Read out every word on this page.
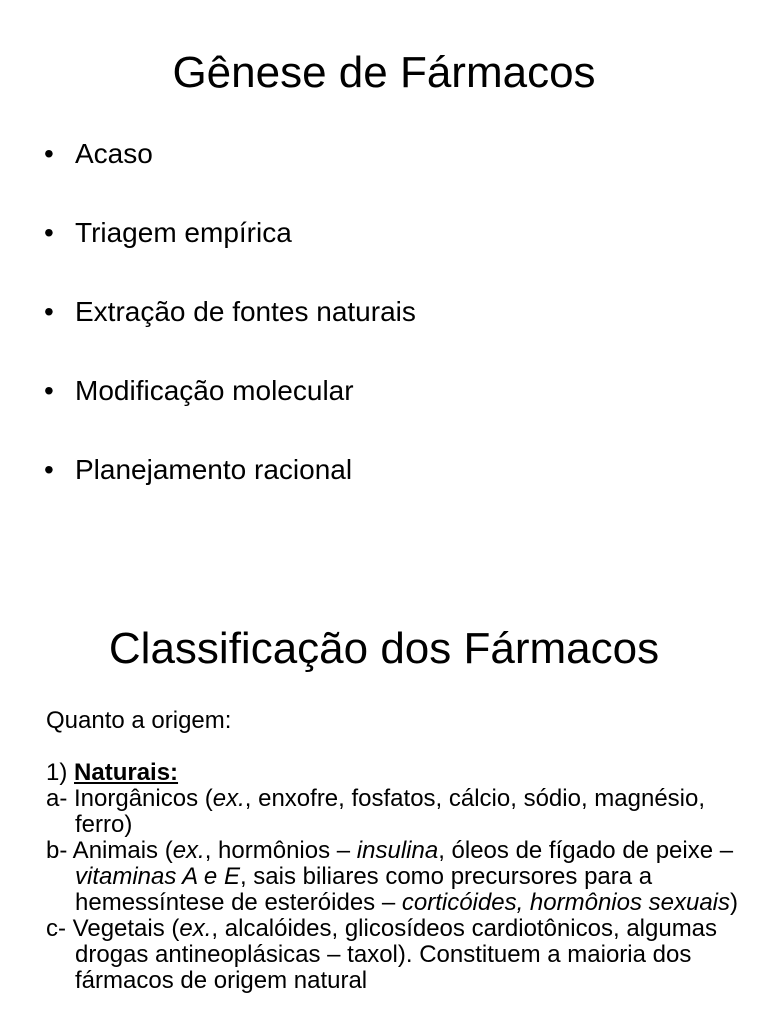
Gênese de Fármacos
• Acaso
• Triagem empírica
• Extração de fontes naturais
• Modificação molecular
• Planejamento racional
Classificação dos Fármacos

Quanto a origem:

1) Naturais:

a- Inorgânicos (ex., enxofre, fosfatos, cálcio, sódio, magnésio, ferro)

b- Animais (ex., hormônios – insulina, óleos de fígado de peixe – vitaminas A e E, sais biliares como precursores para a hemessíntese de esteróides – corticóides, hormônios sexuais)

c- Vegetais (ex., alcalóides, glicosídeos cardiotônicos, algumas drogas antineoplásicas – taxol). Constituem a maioria dos fármacos de origem natural
